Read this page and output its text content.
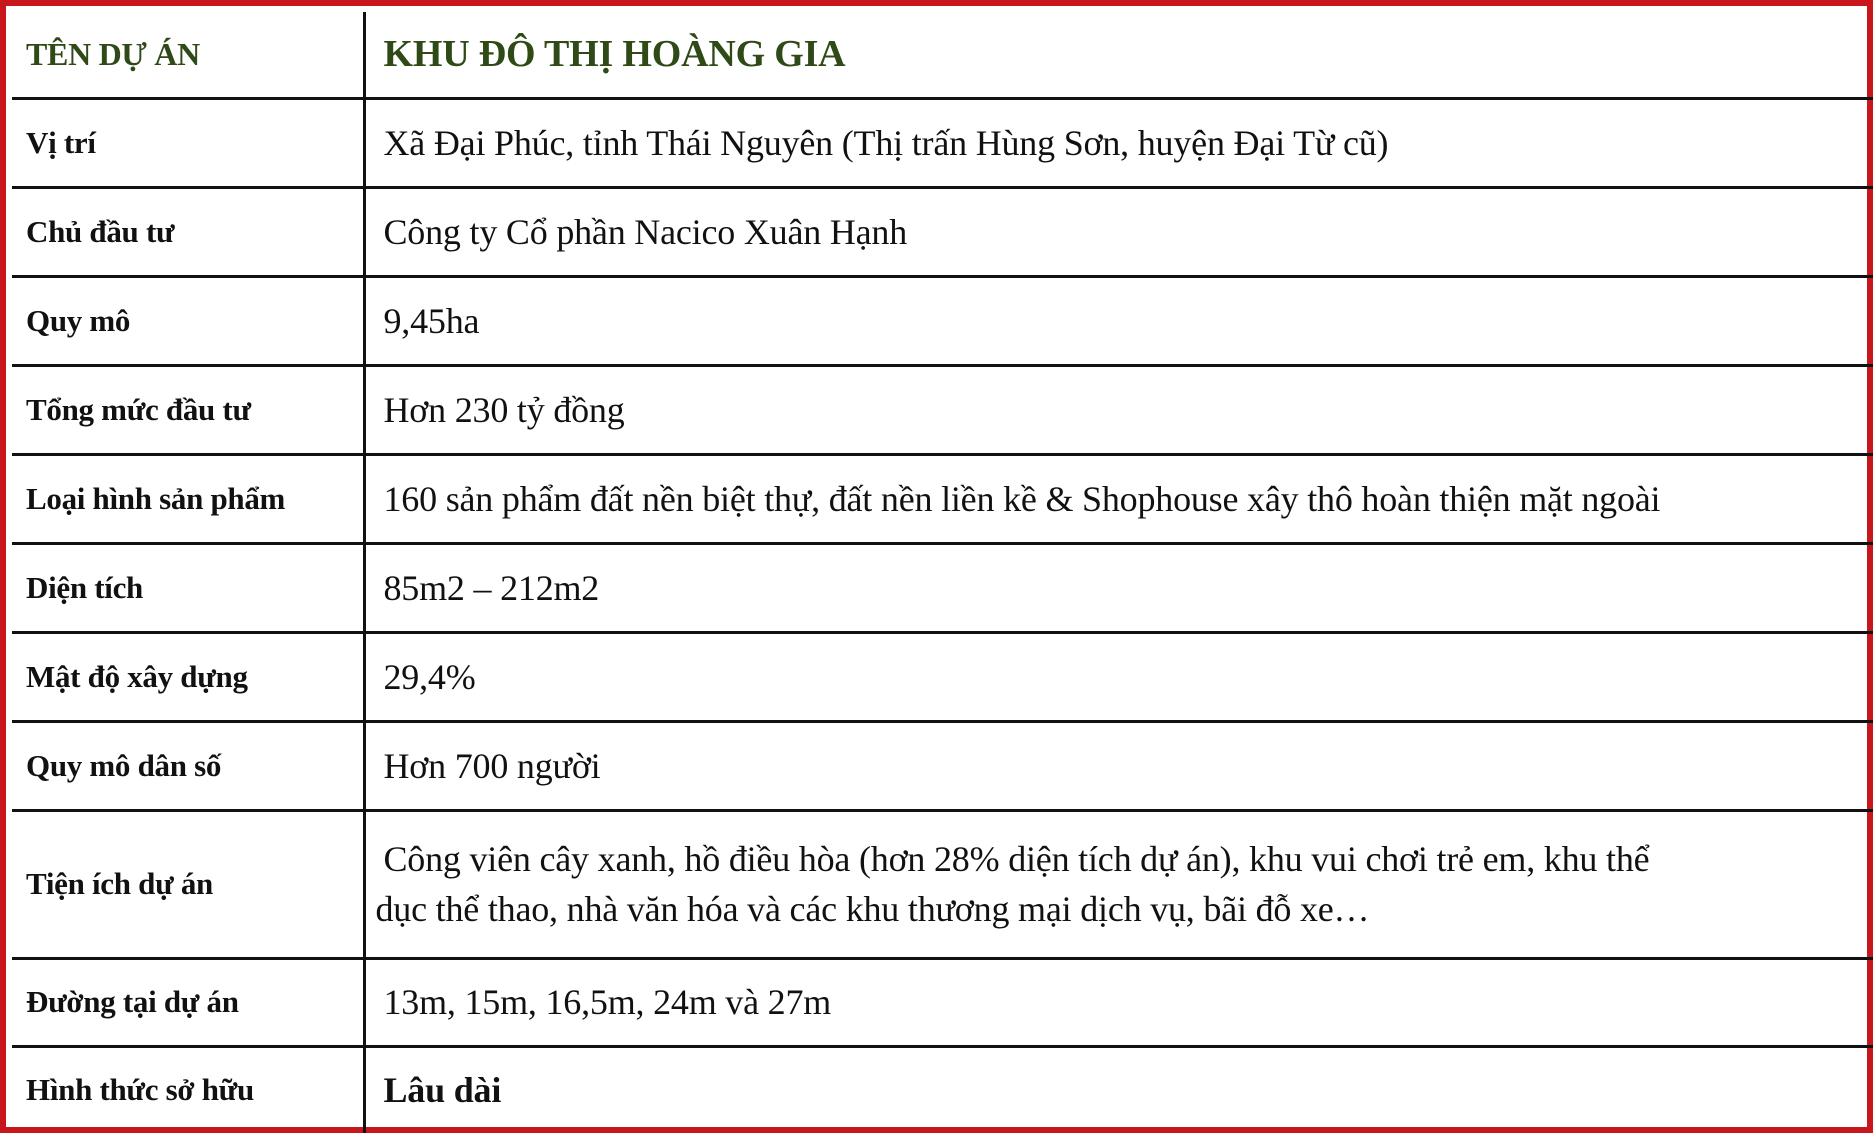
TÊN DỰ ÁN	KHU ĐÔ THỊ HOÀNG GIA
Vị trí	Xã Đại Phúc, tỉnh Thái Nguyên (Thị trấn Hùng Sơn, huyện Đại Từ cũ)
Chủ đầu tư	Công ty Cổ phần Nacico Xuân Hạnh
Quy mô	9,45ha
Tổng mức đầu tư	Hơn 230 tỷ đồng
Loại hình sản phẩm	160 sản phẩm đất nền biệt thự, đất nền liền kề & Shophouse xây thô hoàn thiện mặt ngoài
Diện tích	85m2 – 212m2
Mật độ xây dựng	29,4%
Quy mô dân số	Hơn 700 người
Tiện ích dự án	Công viên cây xanh, hồ điều hòa (hơn 28% diện tích dự án), khu vui chơi trẻ em, khu thể
dục thể thao, nhà văn hóa và các khu thương mại dịch vụ, bãi đỗ xe…
Đường tại dự án	13m, 15m, 16,5m, 24m và 27m
Hình thức sở hữu	Lâu dài
